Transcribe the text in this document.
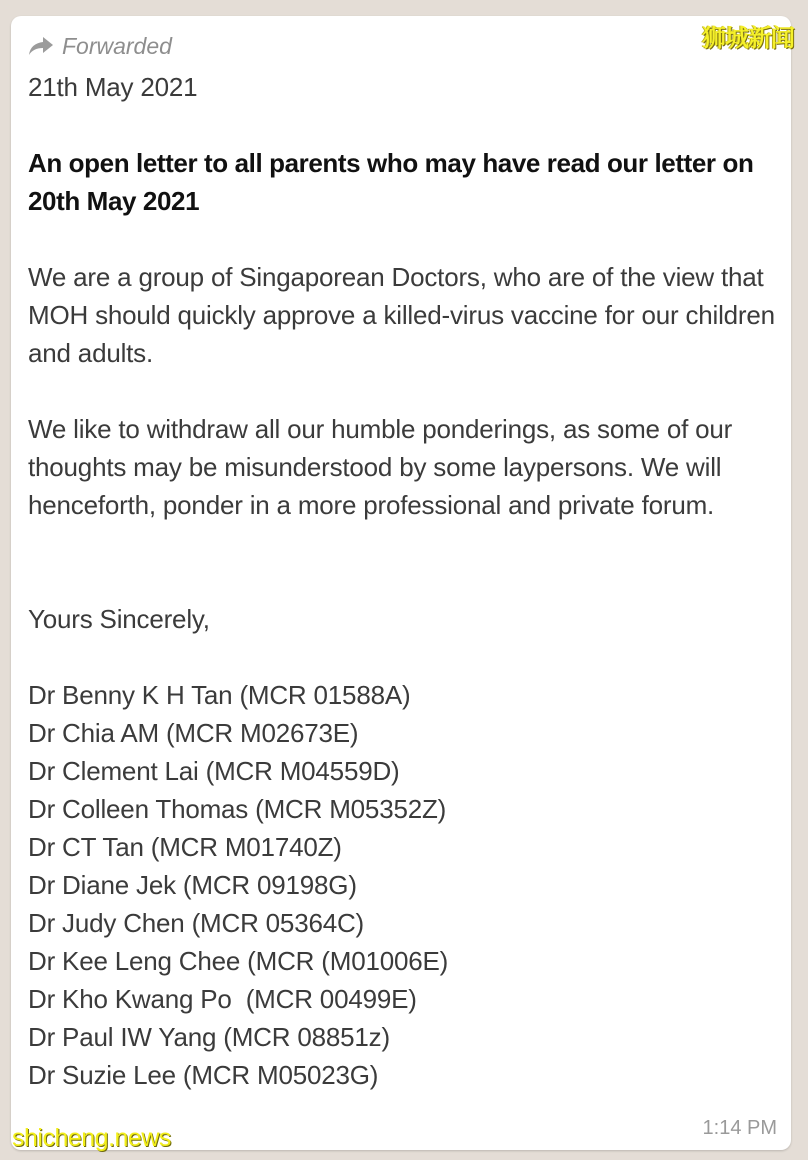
Forwarded
21th May 2021
An open letter to all parents who may have read our letter on 20th May 2021
We are a group of Singaporean Doctors, who are of the view that MOH should quickly approve a killed-virus vaccine for our children and adults.
We like to withdraw all our humble ponderings, as some of our thoughts may be misunderstood by some laypersons. We will henceforth, ponder in a more professional and private forum.
Yours Sincerely,
Dr Benny K H Tan (MCR 01588A)
Dr Chia AM (MCR M02673E)
Dr Clement Lai (MCR M04559D)
Dr Colleen Thomas (MCR M05352Z)
Dr CT Tan (MCR M01740Z)
Dr Diane Jek (MCR 09198G)
Dr Judy Chen (MCR 05364C)
Dr Kee Leng Chee (MCR (M01006E)
Dr Kho Kwang Po  (MCR 00499E)
Dr Paul IW Yang (MCR 08851z)
Dr Suzie Lee (MCR M05023G)
1:14 PM
狮城新闻
shicheng.news
